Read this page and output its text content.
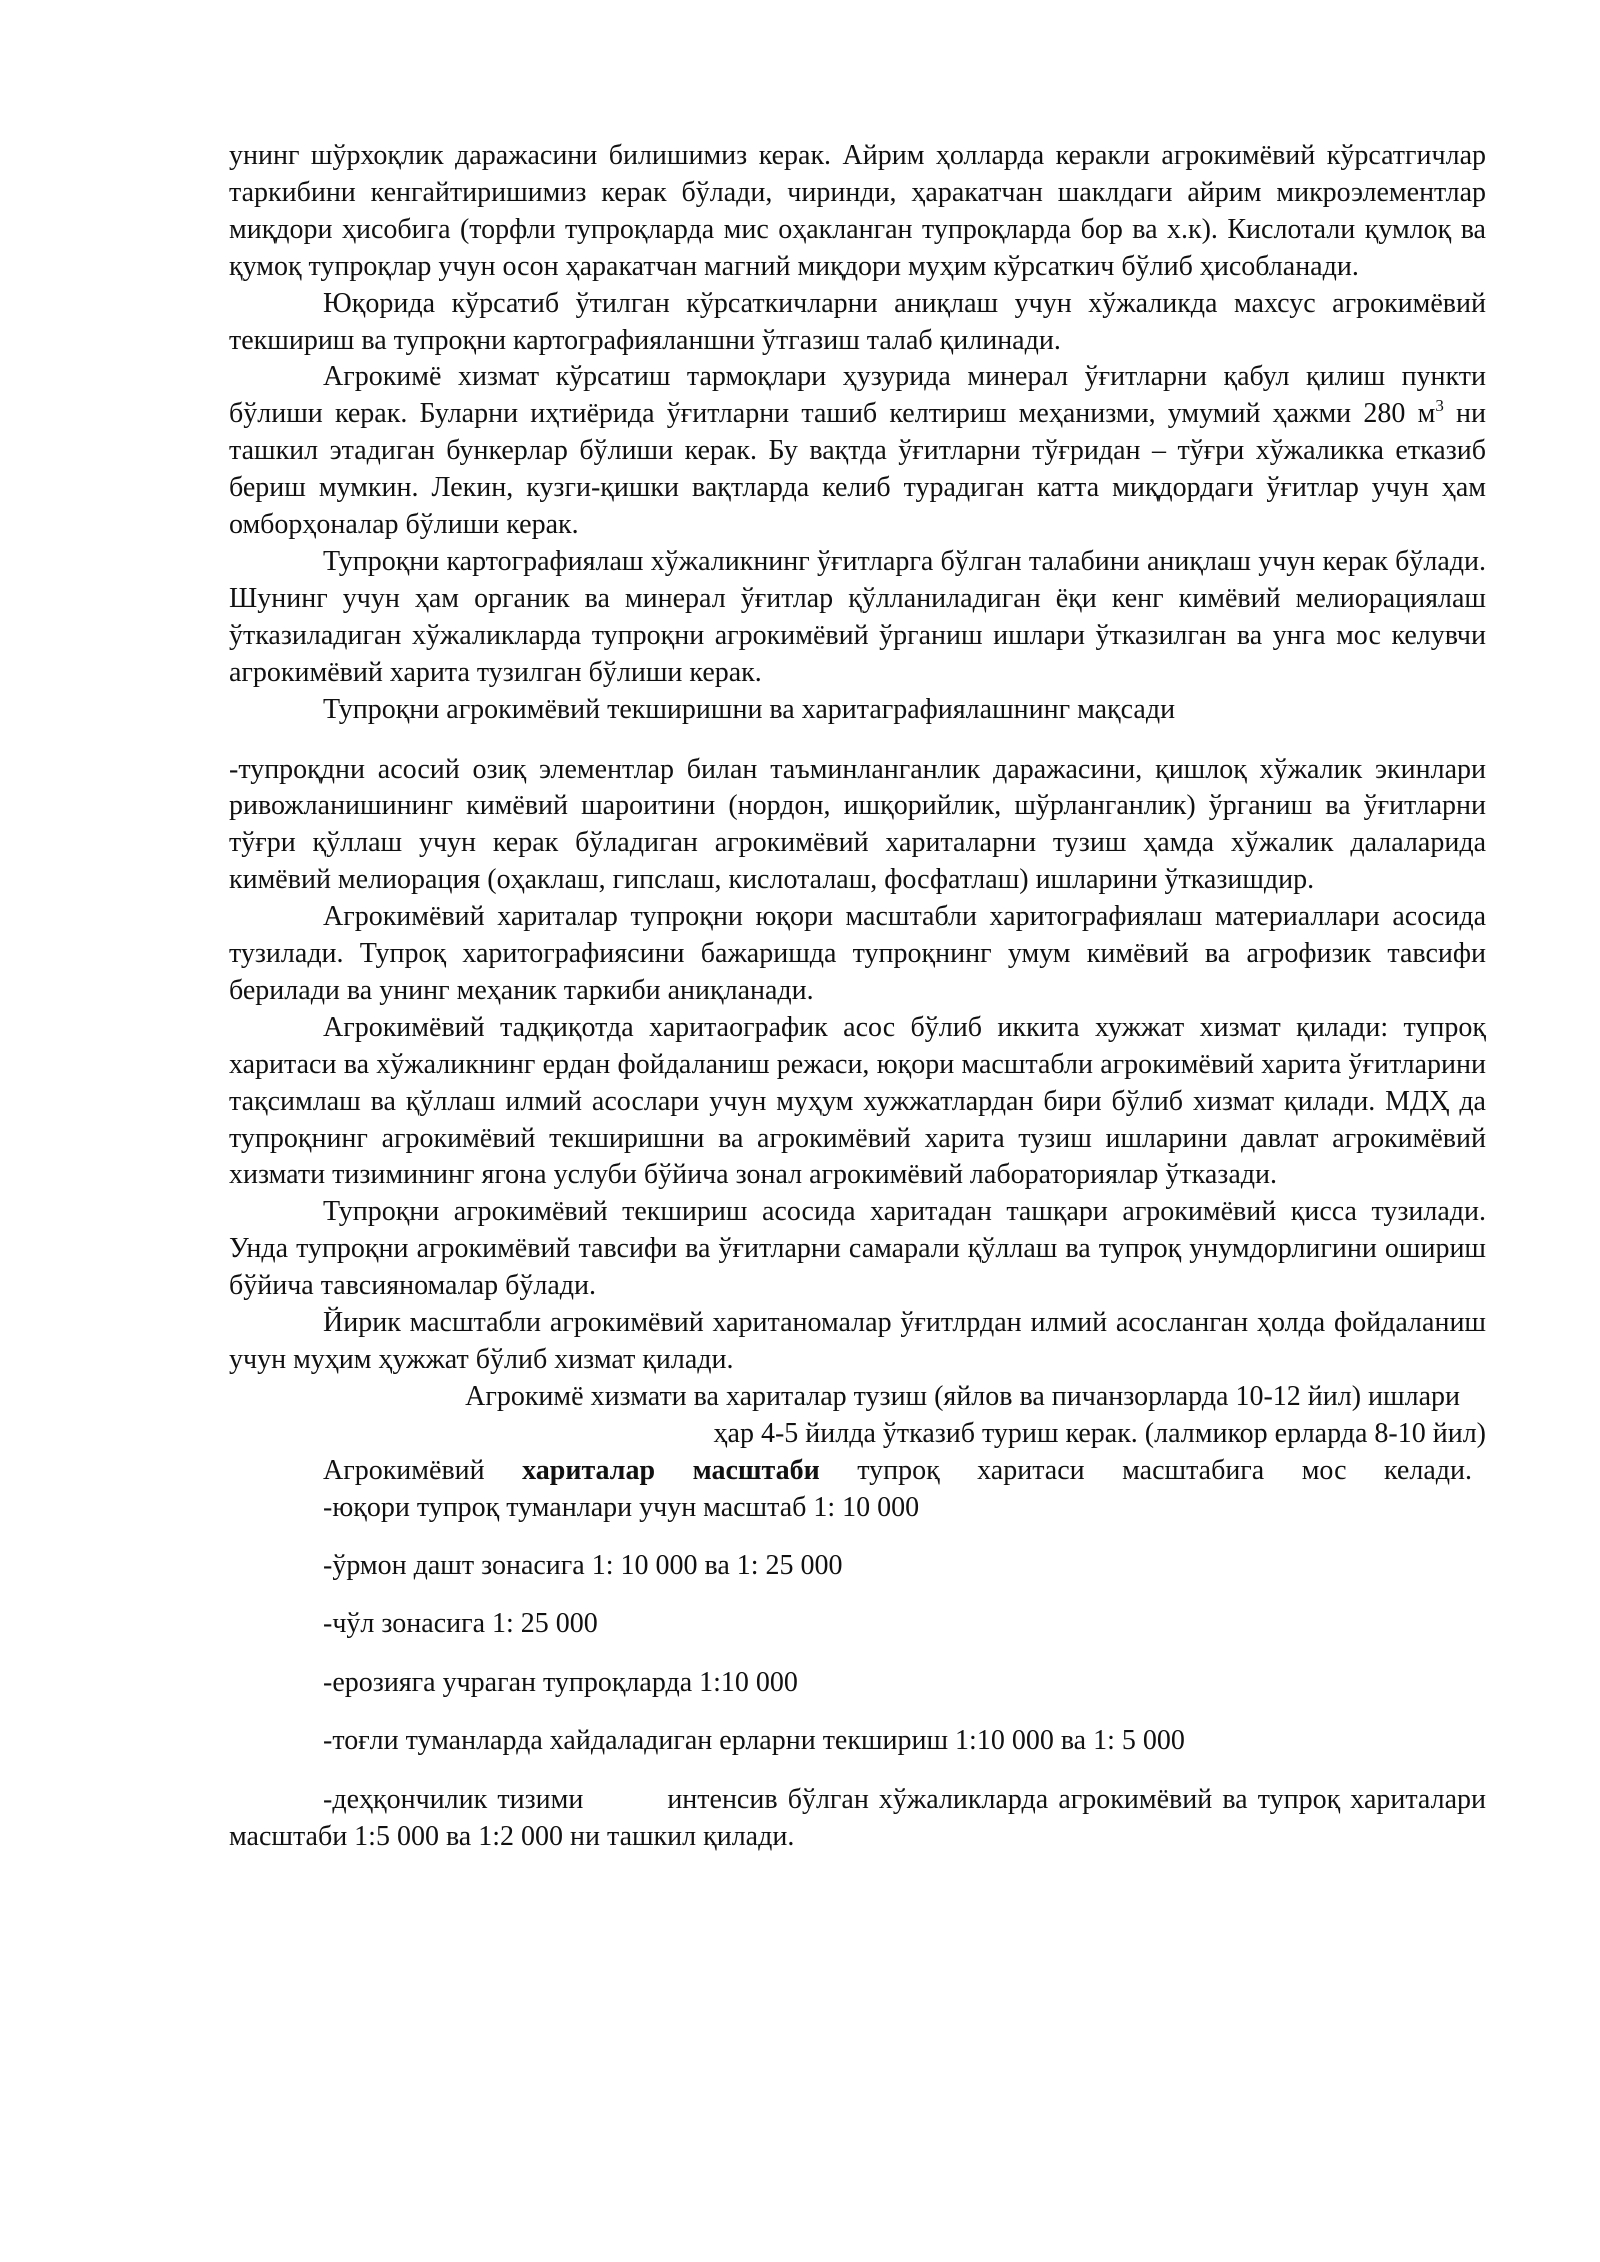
унинг шўрхоқлик даражасини билишимиз керак. Айрим ҳолларда керакли агрокимёвий кўрсатгичлар таркибини кенгайтиришимиз керак бўлади, чиринди, ҳаракатчан шаклдаги айрим микроэлементлар миқдори ҳисобига (торфли тупроқларда мис оҳакланган тупроқларда бор ва х.к). Кислотали қумлоқ ва қумоқ тупроқлар учун осон ҳаракатчан магний миқдори муҳим кўрсаткич бўлиб ҳисобланади.

Юқорида кўрсатиб ўтилган кўрсаткичларни аниқлаш учун хўжаликда махсус агрокимёвий текшириш ва тупроқни картографияланшни ўтгазиш талаб қилинади.

Агрокимё хизмат кўрсатиш тармоқлари ҳузурида минерал ўғитларни қабул қилиш пункти бўлиши керак. Буларни иҳтиёрида ўғитларни ташиб келтириш меҳанизми, умумий ҳажми 280 $м^3$ ни ташкил этадиган бункерлар бўлиши керак. Бу вақтда ўғитларни тўғридан – тўғри хўжаликка етказиб бериш мумкин. Лекин, кузги-қишки вақтларда келиб турадиган катта миқдордаги ўғитлар учун ҳам омборҳоналар бўлиши керак.

Тупроқни картографиялаш хўжаликнинг ўғитларга бўлган талабини аниқлаш учун керак бўлади. Шунинг учун ҳам органик ва минерал ўғитлар қўлланиладиган ёқи кенг кимёвий мелиорациялаш ўтказиладиган хўжаликларда тупроқни агрокимёвий ўрганиш ишлари ўтказилган ва унга мос келувчи агрокимёвий харита тузилган бўлиши керак.

Тупроқни агрокимёвий текширишни ва харитаграфиялашнинг мақсади

-тупроқдни асосий озиқ элементлар билан таъминланганлик даражасини, қишлоқ хўжалик экинлари ривожланишининг кимёвий шароитини (нордон, ишқорийлик, шўрланганлик) ўрганиш ва ўғитларни тўғри қўллаш учун керак бўладиган агрокимёвий хариталарни тузиш ҳамда хўжалик далаларида кимёвий мелиорация (оҳаклаш, гипслаш, кислоталаш, фосфатлаш) ишларини ўтказишдир.

Агрокимёвий хариталар тупроқни юқори масштабли харитографиялаш материаллари асосида тузилади. Тупроқ харитографиясини бажаришда тупроқнинг умум кимёвий ва агрофизик тавсифи берилади ва унинг меҳаник таркиби аниқланади.

Агрокимёвий тадқиқотда харитаографик асос бўлиб иккита хужжат хизмат қилади: тупроқ харитаси ва хўжаликнинг ердан фойдаланиш режаси, юқори масштабли агрокимёвий харита ўғитларини тақсимлаш ва қўллаш илмий асослари учун муҳум хужжатлардан бири бўлиб хизмат қилади. МДҲ да тупроқнинг агрокимёвий текширишни ва агрокимёвий харита тузиш ишларини давлат агрокимёвий хизмати тизимининг ягона услуби бўйича зонал агрокимёвий лабораториялар ўтказади.

Тупроқни агрокимёвий текшириш асосида харитадан ташқари агрокимёвий қисса тузилади. Унда тупроқни агрокимёвий тавсифи ва ўғитларни самарали қўллаш ва тупроқ унумдорлигини ошириш бўйича тавсияномалар бўлади.

Йирик масштабли агрокимёвий хаританомалар ўғитлрдан илмий асосланган ҳолда фойдаланиш учун муҳим ҳужжат бўлиб хизмат қилади.

Агрокимё хизмати ва хариталар тузиш (яйлов ва пичанзорларда 10-12 йил) ишлари

ҳар 4-5 йилда ўтказиб туриш керак. (лалмикор ерларда 8-10 йил)

Агрокимёвий хариталар масштаби тупроқ харитаси масштабига мос келади.

-юқори тупроқ туманлари учун масштаб 1: 10 000

-ўрмон дашт зонасига 1: 10 000 ва 1: 25 000

-чўл зонасига 1: 25 000

-ерозияга учраган тупроқларда 1:10 000

-тоғли туманларда хайдаладиган ерларни текшириш 1:10 000 ва 1: 5 000

-деҳқончилик тизими	интенсив бўлган хўжаликларда агрокимёвий ва тупроқ хариталари масштаби 1:5 000 ва 1:2 000 ни ташкил қилади.
